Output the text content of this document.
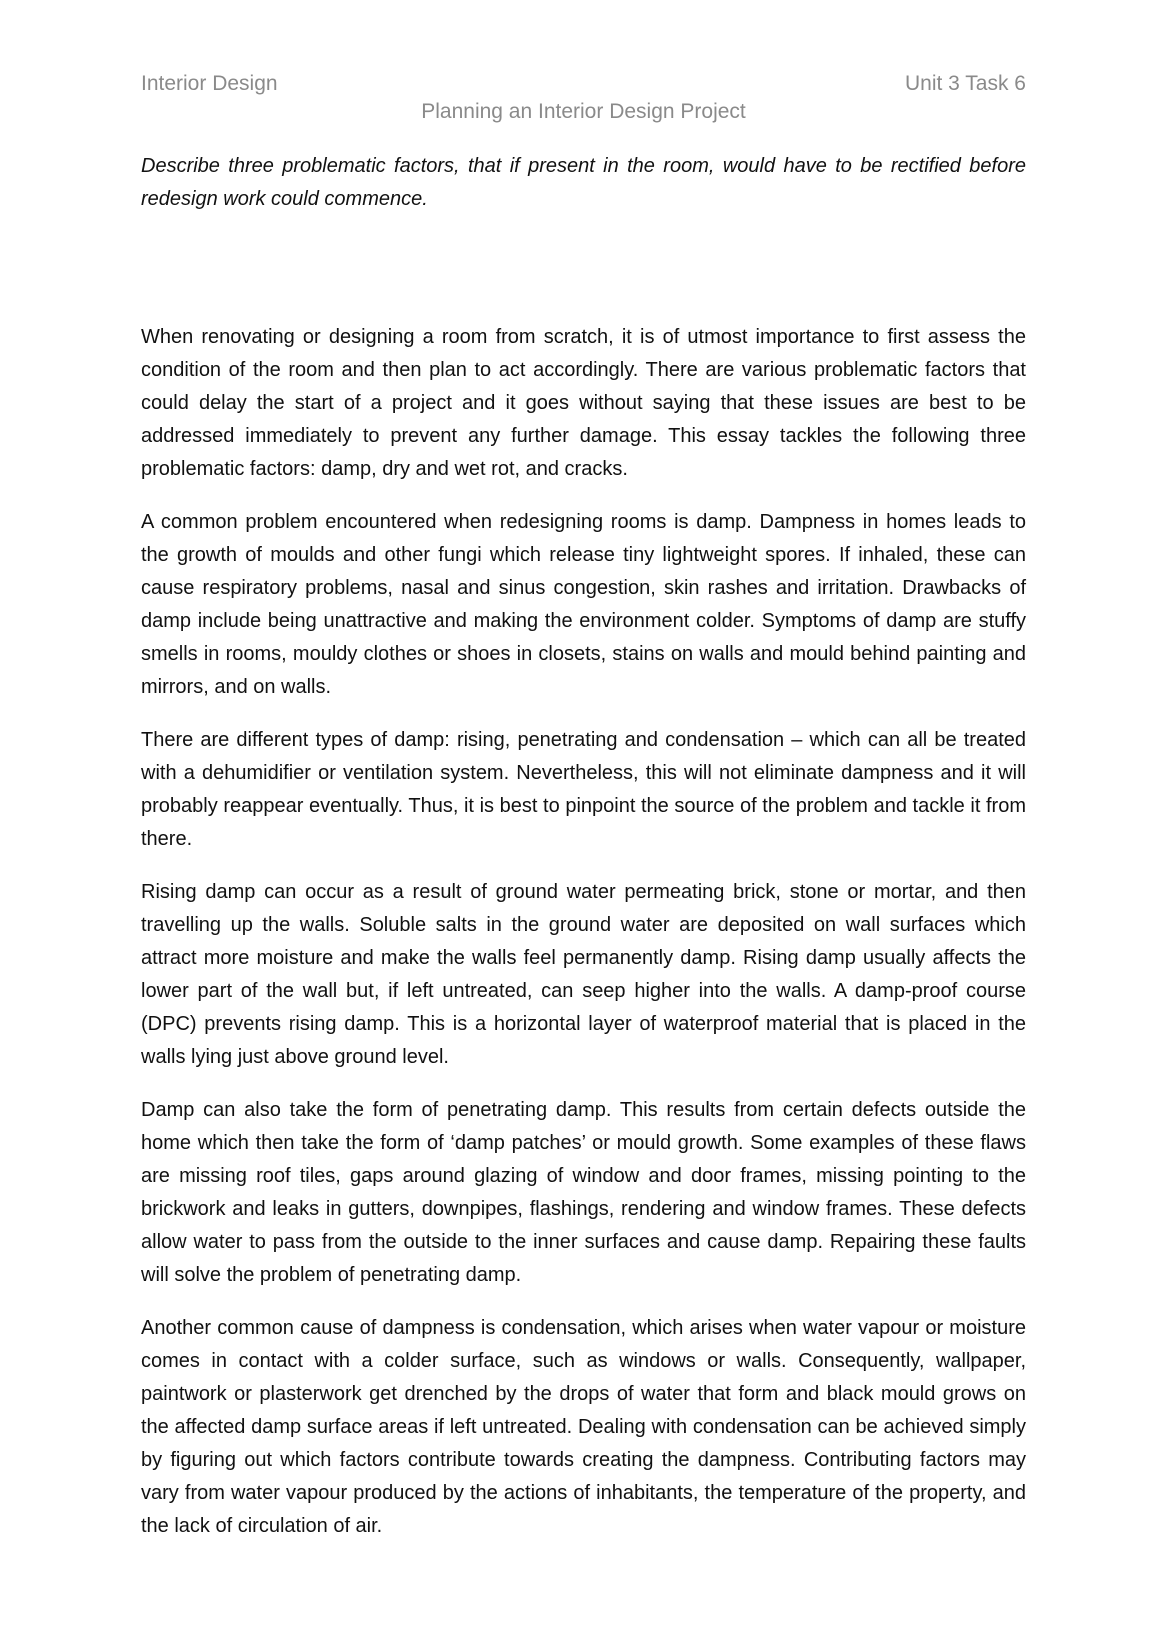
Interior Design	Unit 3 Task 6
Planning an Interior Design Project

Describe three problematic factors, that if present in the room, would have to be rectified before redesign work could commence.

When renovating or designing a room from scratch, it is of utmost importance to first assess the condition of the room and then plan to act accordingly. There are various problematic factors that could delay the start of a project and it goes without saying that these issues are best to be addressed immediately to prevent any further damage. This essay tackles the following three problematic factors: damp, dry and wet rot, and cracks.

A common problem encountered when redesigning rooms is damp. Dampness in homes leads to the growth of moulds and other fungi which release tiny lightweight spores. If inhaled, these can cause respiratory problems, nasal and sinus congestion, skin rashes and irritation. Drawbacks of damp include being unattractive and making the environment colder. Symptoms of damp are stuffy smells in rooms, mouldy clothes or shoes in closets, stains on walls and mould behind painting and mirrors, and on walls.

There are different types of damp: rising, penetrating and condensation – which can all be treated with a dehumidifier or ventilation system. Nevertheless, this will not eliminate dampness and it will probably reappear eventually. Thus, it is best to pinpoint the source of the problem and tackle it from there.

Rising damp can occur as a result of ground water permeating brick, stone or mortar, and then travelling up the walls. Soluble salts in the ground water are deposited on wall surfaces which attract more moisture and make the walls feel permanently damp. Rising damp usually affects the lower part of the wall but, if left untreated, can seep higher into the walls. A damp-proof course (DPC) prevents rising damp. This is a horizontal layer of waterproof material that is placed in the walls lying just above ground level.

Damp can also take the form of penetrating damp. This results from certain defects outside the home which then take the form of ‘damp patches’ or mould growth. Some examples of these flaws are missing roof tiles, gaps around glazing of window and door frames, missing pointing to the brickwork and leaks in gutters, downpipes, flashings, rendering and window frames. These defects allow water to pass from the outside to the inner surfaces and cause damp. Repairing these faults will solve the problem of penetrating damp.

Another common cause of dampness is condensation, which arises when water vapour or moisture comes in contact with a colder surface, such as windows or walls. Consequently, wallpaper, paintwork or plasterwork get drenched by the drops of water that form and black mould grows on the affected damp surface areas if left untreated. Dealing with condensation can be achieved simply by figuring out which factors contribute towards creating the dampness. Contributing factors may vary from water vapour produced by the actions of inhabitants, the temperature of the property, and the lack of circulation of air.
